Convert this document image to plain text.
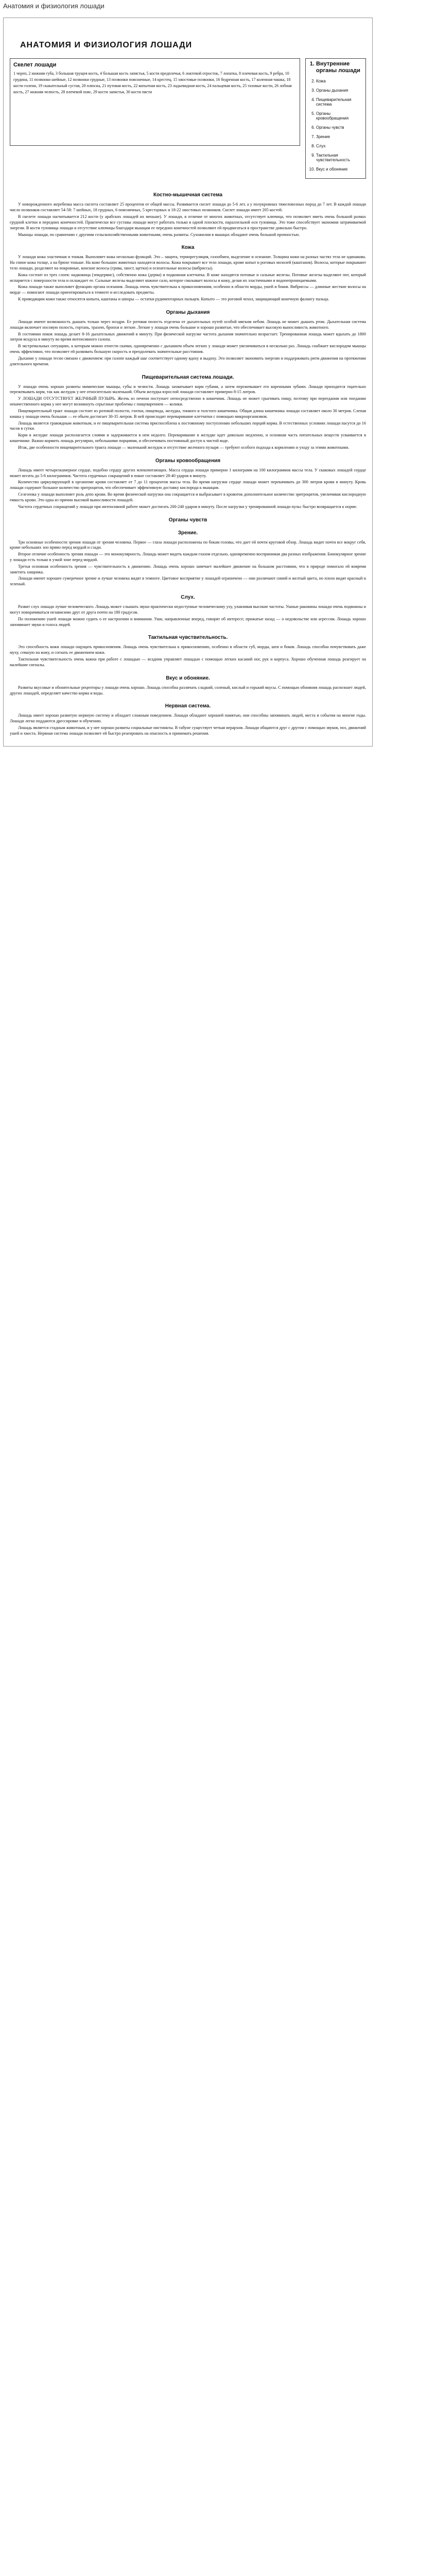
Анатомия и физиология лошади
АНАТОМИЯ И ФИЗИОЛОГИЯ ЛОШАДИ
Скелет лошади
1 череп, 2 нижняя губа, 3 большая трущея кость, 4 большая кость запястья, 5 кости предплечья, 6 локтевой отросток, 7 лопатка, 8 плечевая кость, 9 ребра, 10 грудина, 11 позвонки шейные, 12 позвонки грудные, 13 позвонки поясничные, 14 крестец, 15 хвостовые позвонки, 16 бедренная кость, 17 коленная чашка, 18 кости голени, 19 скакательный сустав, 20 плюсна, 21 путовая кость, 22 копытная кость, 23 ладьевидная кость, 24 пальцевая кость, 25 тазовые кости, 26 лобная кость, 27 нижняя челюсть, 28 плечевой пояс, 29 кости запястья, 30 кости пясти
1. Внутренние органы лошади
2. Кожа
3. Органы дыхания
4. Пищеварительная система
5. Органы кровообращения
6. Органы чувств
7. Зрение
8. Слух
9. Тактильная чувствительность
10. Вкус и обоняние
Костно-мышечная система

У новорожденного жеребенка масса скелета составляет 25 процентов от общей массы. Развивается скелет лошади до 5-6 лет, а у полукровных тяжеловозных пород до 7 лет. В каждой лошади число позвонков составляет 54-58: 7 шейных, 18 грудных, 6 поясничных, 5 крестцовых и 18-22 хвостовых позвонков. Скелет лошади имеет 205 костей.

В скелете лошади насчитывается 212 кости (у арабских лошадей их меньше). У лошади, в отличие от многих животных, отсутствует ключица, что позволяет иметь очень большой размах грудной клетки и передних конечностей. Практически все суставы лошади могут работать только в одной плоскости, параллельной оси туловища. Это тоже способствует экономии затрачиваемой энергии. В кости туловища лошади и отсутствие ключицы благодаря мышцам ее передних конечностей позволяют ей продвигаться в пространстве довольно быстро.

Мышцы лошади, по сравнению с другими сельскохозяйственными животными, очень развиты. Сухожилия в мышцах обладают очень большой прочностью.

Кожа

У лошади кожа эластичная и тонкая. Выполняет кожа несколько функций. Это – защита, терморегуляция, газообмен, выделение и осязание. Толщина кожи на разных частях тела не одинакова. На спине кожа толще, а на брюхе тоньше. На коже больших животных находятся волосы. Кожа покрывает все тело лошади, кроме копыт и роговых мозолей (каштанов). Волосы, которые покрывают тело лошади, разделяют на покровные, конские волосы (грива, хвост, щетки) и осязательные волосы (вибриссы).

Кожа состоит из трех слоев: надкожица (эпидермис), собственно кожа (дерма) и подкожная клетчатка. В коже находятся потовые и сальные железы. Потовые железы выделяют пот, который испаряется с поверхности тела и охлаждает ее. Сальные железы выделяют кожное сало, которое смазывает волосы и кожу, делая их эластичными и водонепроницаемыми.

Кожа лошади также выполняет функцию органа осязания. Лошадь очень чувствительна к прикосновениям, особенно в области морды, ушей и боков. Вибриссы — длинные жесткие волосы на морде — помогают лошади ориентироваться в темноте и исследовать предметы.

К приводящим кожи также относятся копыта, каштаны и шпоры — остатки рудиментарных пальцев. Копыто — это роговой чехол, защищающий конечную фалангу пальца.

Органы дыхания

Лошади имеют возможность дышать только через ноздри. Ее ротовая полость отделена от дыхательных путей особой мягким небом. Лошадь не может дышать ртом. Дыхательная система лошади включает носовую полость, гортань, трахею, бронхи и легкие. Легкие у лошади очень большие и хорошо развитые, что обеспечивает высокую выносливость животного.

В состоянии покоя лошадь делает 8-16 дыхательных движений в минуту. При физической нагрузке частота дыхания значительно возрастает. Тренированная лошадь может вдыхать до 1800 литров воздуха в минуту во время интенсивного галопа.

В экстремальных ситуациях, к которым можно отнести скачки, одновременно с дыханием объем легких у лошади может увеличиваться в несколько раз. Лошадь снабжает кислородом мышцы очень эффективно, что позволяет ей развивать большую скорость и преодолевать значительные расстояния.

Дыхание у лошади тесно связано с движением: при галопе каждый шаг соответствует одному вдоху и выдоху. Это позволяет экономить энергию и поддерживать ритм движения на протяжении длительного времени.

Пищеварительная система лошади.

У лошади очень хорошо развиты мимические мышцы, губы и челюсти. Лошадь захватывает корм губами, а затем пережевывает его коренными зубами. Лошади приходится тщательно пережевывать корм, так как желудок у нее относительно маленький. Объем желудка взрослой лошади составляет примерно 8-15 литров.

У ЛОШАДИ ОТСУТСТВУЕТ ЖЕЛЧНЫЙ ПУЗЫРЬ. Желчь из печени поступает непосредственно в кишечник. Лошадь не может срыгивать пищу, поэтому при переедании или поедании некачественного корма у нее могут возникнуть серьезные проблемы с пищеварением — колики.

Пищеварительный тракт лошади состоит из ротовой полости, глотки, пищевода, желудка, тонкого и толстого кишечника. Общая длина кишечника лошади составляет около 30 метров. Слепая кишка у лошади очень большая — ее объем достигает 30-35 литров. В ней происходит переваривание клетчатки с помощью микроорганизмов.

Лошадь является травоядным животным, и ее пищеварительная система приспособлена к постоянному поступлению небольших порций корма. В естественных условиях лошади пасутся до 16 часов в сутки.

Корм в желудке лошади располагается слоями и задерживается в нем недолго. Переваривание в желудке идет довольно медленно, и основная часть питательных веществ усваивается в кишечнике. Важно кормить лошадь регулярно, небольшими порциями, и обеспечивать постоянный доступ к чистой воде.

Итак, две особенности пищеварительного тракта лошади — маленький желудок и отсутствие желчного пузыря — требуют особого подхода к кормлению и уходу за этими животными.

Органы кровообращения

Лошадь имеет четырехкамерное сердце, подобно сердцу других млекопитающих. Масса сердца лошади примерно 1 килограмм на 100 килограммов массы тела. У скаковых лошадей сердце может весить до 5-6 килограммов. Частота сердечных сокращений в покое составляет 28-40 ударов в минуту.

Количество циркулирующей в организме крови составляет от 7 до 11 процентов массы тела. Во время нагрузки сердце лошади может перекачивать до 300 литров крови в минуту. Кровь лошади содержит большое количество эритроцитов, что обеспечивает эффективную доставку кислорода к мышцам.

Селезенка у лошади выполняет роль депо крови. Во время физической нагрузки она сокращается и выбрасывает в кровоток дополнительное количество эритроцитов, увеличивая кислородную емкость крови. Это одна из причин высокой выносливости лошадей.

Частота сердечных сокращений у лошади при интенсивной работе может достигать 200-240 ударов в минуту. После нагрузки у тренированной лошади пульс быстро возвращается к норме.

Органы чувств
Зрение.

Три основные особенности зрения лошади от зрения человека. Первое — глаза лошади расположены по бокам головы, что дает ей почти круговой обзор. Лошадь видит почти все вокруг себя, кроме небольших зон прямо перед мордой и сзади.

Второе отличие особенность зрения лошади — это монокулярность. Лошадь может видеть каждым глазом отдельно, одновременно воспринимая два разных изображения. Бинокулярное зрение у лошади есть только в узкой зоне перед мордой.

Третья основная особенность зрения — чувствительность к движению. Лошадь очень хорошо замечает малейшее движение на большом расстоянии, что в природе помогало ей вовремя заметить хищника.

Лошади имеют хорошее сумеречное зрение и лучше человека видят в темноте. Цветовое восприятие у лошадей ограничено — они различают синий и желтый цвета, но плохо видят красный и зеленый.

Слух.

Развит слух лошади лучше человеческого. Лошадь может слышать звуки практически недоступные человеческому уху, улавливая высокие частоты. Ушные раковины лошади очень подвижны и могут поворачиваться независимо друг от друга почти на 180 градусов.

По положению ушей лошади можно судить о ее настроении и внимании. Уши, направленные вперед, говорят об интересе; прижатые назад — о недовольстве или агрессии. Лошадь хорошо запоминает звуки и голоса людей.

Тактильная чувствительность.

Это способность кожи лошади ощущать прикосновения. Лошадь очень чувствительна к прикосновению, особенно в области губ, морды, шеи и боков. Лошадь способна почувствовать даже муху, севшую на кожу, и согнать ее движением кожи.

Тактильная чувствительность очень важна при работе с лошадью — всадник управляет лошадью с помощью легких касаний ног, рук и корпуса. Хорошо обученная лошадь реагирует на малейшие сигналы.

Вкус и обоняние.

Развиты вкусовые и обонятельные рецепторы у лошади очень хорошо. Лошадь способна различать сладкий, соленый, кислый и горький вкусы. С помощью обоняния лошадь распознает людей, других лошадей, определяет качество корма и воды.

Нервная система.

Лошадь имеет хорошо развитую нервную систему и обладает сложным поведением. Лошади обладают хорошей памятью, они способны запоминать людей, места и события на многие годы. Лошади легко поддаются дрессировке и обучению.

Лошадь является стадным животным, и у нее хорошо развиты социальные инстинкты. В табуне существует четкая иерархия. Лошади общаются друг с другом с помощью звуков, поз, движений ушей и хвоста. Нервная система лошади позволяет ей быстро реагировать на опасность и принимать решения.
